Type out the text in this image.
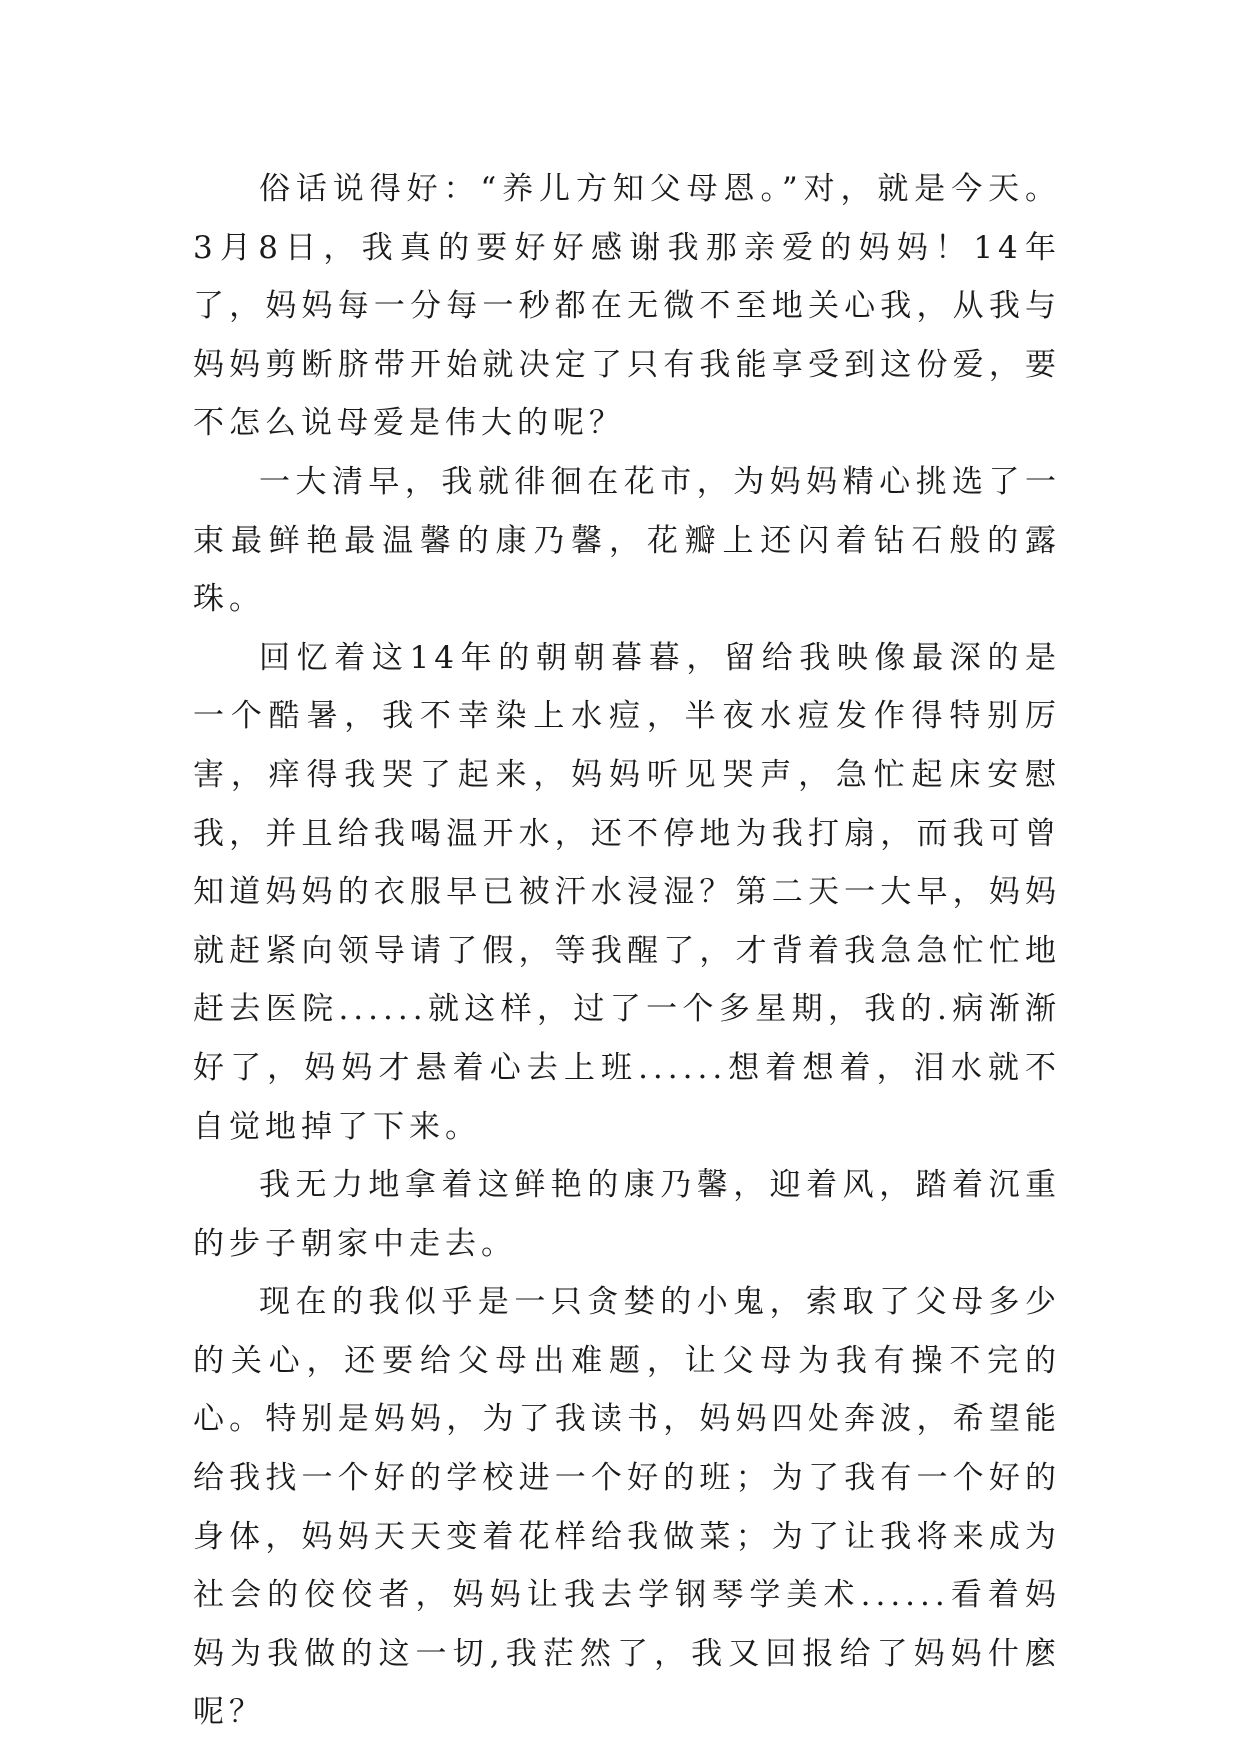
俗话说得好：“养儿方知父母恩。”对，就是今天。3月8日，我真的要好好感谢我那亲爱的妈妈！14年了，妈妈每一分每一秒都在无微不至地关心我，从我与妈妈剪断脐带开始就决定了只有我能享受到这份爱，要不怎么说母爱是伟大的呢？

一大清早，我就徘徊在花市，为妈妈精心挑选了一束最鲜艳最温馨的康乃馨，花瓣上还闪着钻石般的露珠。

回忆着这14年的朝朝暮暮，留给我映像最深的是一个酷暑，我不幸染上水痘，半夜水痘发作得特别厉害，痒得我哭了起来，妈妈听见哭声，急忙起床安慰我，并且给我喝温开水，还不停地为我打扇，而我可曾知道妈妈的衣服早已被汗水浸湿？第二天一大早，妈妈就赶紧向领导请了假，等我醒了，才背着我急急忙忙地赶去医院......就这样，过了一个多星期，我的.病渐渐好了，妈妈才悬着心去上班......想着想着，泪水就不自觉地掉了下来。

我无力地拿着这鲜艳的康乃馨，迎着风，踏着沉重的步子朝家中走去。

现在的我似乎是一只贪婪的小鬼，索取了父母多少的关心，还要给父母出难题，让父母为我有操不完的心。特别是妈妈，为了我读书，妈妈四处奔波，希望能给我找一个好的学校进一个好的班；为了我有一个好的身体，妈妈天天变着花样给我做菜；为了让我将来成为社会的佼佼者，妈妈让我去学钢琴学美术......看着妈妈为我做的这一切,我茫然了，我又回报给了妈妈什麽呢？
